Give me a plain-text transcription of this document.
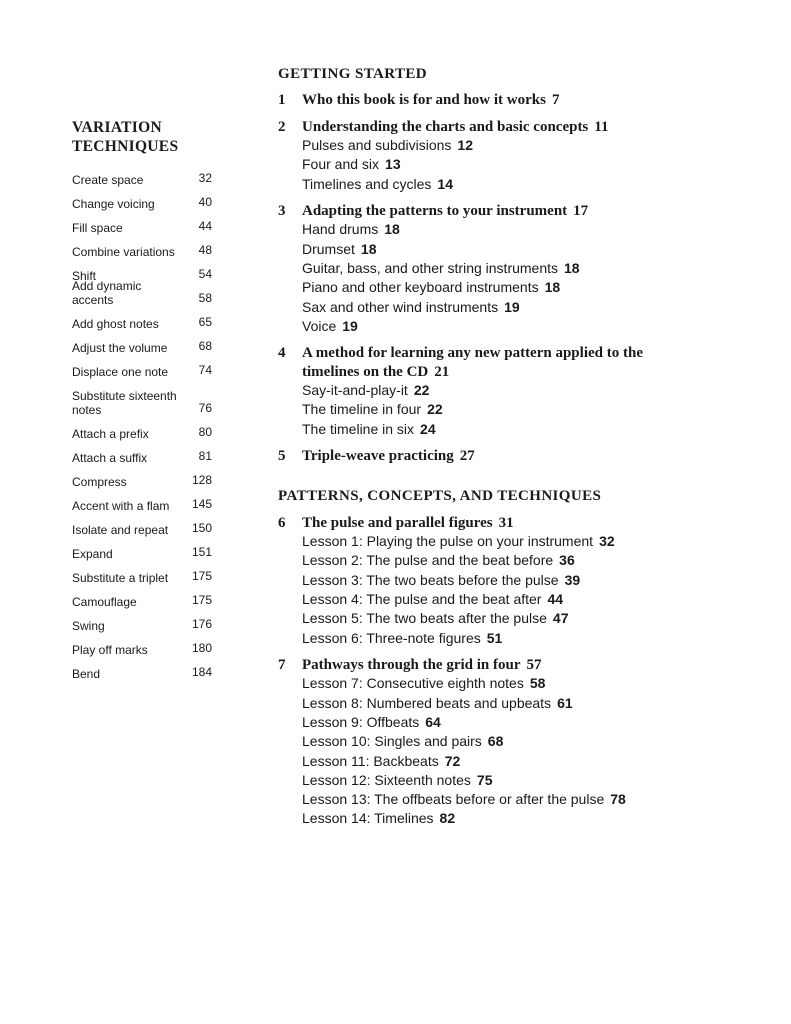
VARIATION
TECHNIQUES
Create space	32
Change voicing	40
Fill space	44
Combine variations	48
Shift	54
Add dynamic accents	58
Add ghost notes	65
Adjust the volume	68
Displace one note	74
Substitute sixteenth notes	76
Attach a prefix	80
Attach a suffix	81
Compress	128
Accent with a flam	145
Isolate and repeat	150
Expand	151
Substitute a triplet	175
Camouflage	175
Swing	176
Play off marks	180
Bend	184
GETTING STARTED
1	Who this book is for and how it works 7
2	Understanding the charts and basic concepts 11
Pulses and subdivisions 12
Four and six 13
Timelines and cycles 14
3	Adapting the patterns to your instrument 17
Hand drums 18
Drumset 18
Guitar, bass, and other string instruments 18
Piano and other keyboard instruments 18
Sax and other wind instruments 19
Voice 19
4	A method for learning any new pattern applied to the timelines on the CD 21
Say-it-and-play-it 22
The timeline in four 22
The timeline in six 24
5	Triple-weave practicing 27
PATTERNS, CONCEPTS, AND TECHNIQUES
6	The pulse and parallel figures 31
Lesson 1: Playing the pulse on your instrument 32
Lesson 2: The pulse and the beat before 36
Lesson 3: The two beats before the pulse 39
Lesson 4: The pulse and the beat after 44
Lesson 5: The two beats after the pulse 47
Lesson 6: Three-note figures 51
7	Pathways through the grid in four 57
Lesson 7: Consecutive eighth notes 58
Lesson 8: Numbered beats and upbeats 61
Lesson 9: Offbeats 64
Lesson 10: Singles and pairs 68
Lesson 11: Backbeats 72
Lesson 12: Sixteenth notes 75
Lesson 13: The offbeats before or after the pulse 78
Lesson 14: Timelines 82
